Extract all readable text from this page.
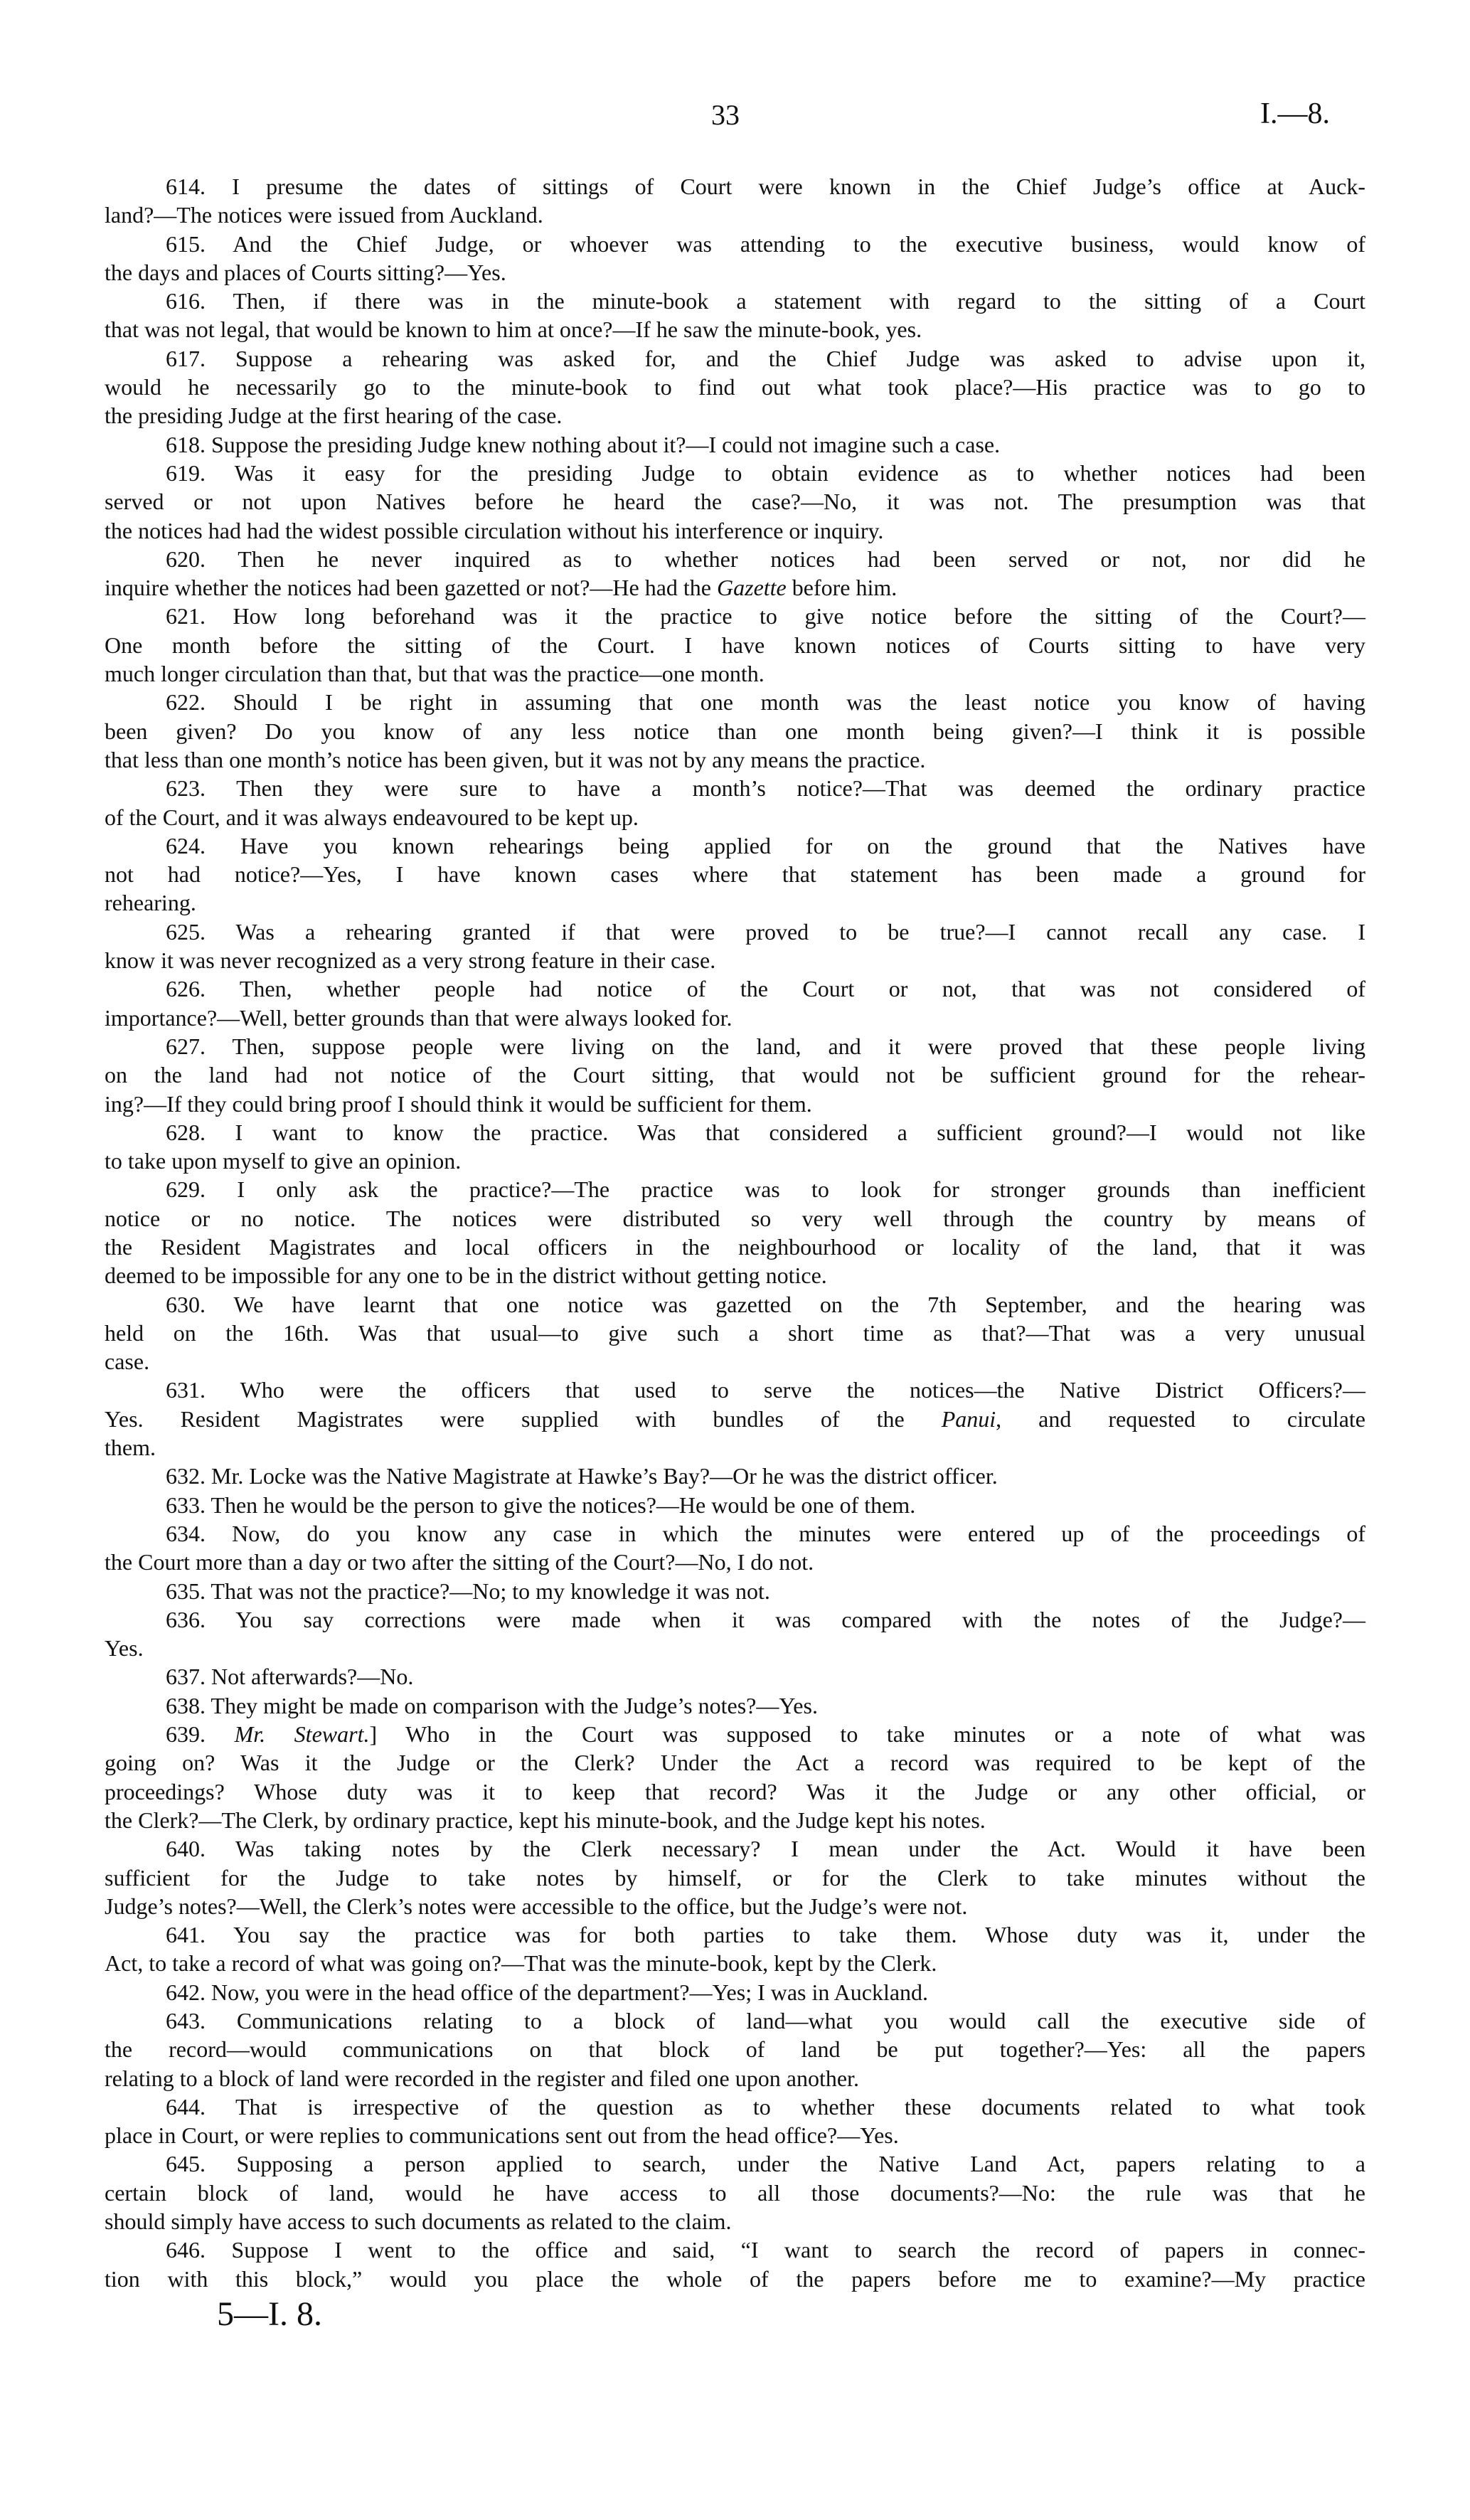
33	I.—8.
614. I presume the dates of sittings of Court were known in the Chief Judge’s office at Auck-
land?—The notices were issued from Auckland.
615. And the Chief Judge, or whoever was attending to the executive business, would know of
the days and places of Courts sitting?—Yes.
616. Then, if there was in the minute-book a statement with regard to the sitting of a Court
that was not legal, that would be known to him at once?—If he saw the minute-book, yes.
617. Suppose a rehearing was asked for, and the Chief Judge was asked to advise upon it,
would he necessarily go to the minute-book to find out what took place?—His practice was to go to
the presiding Judge at the first hearing of the case.
618. Suppose the presiding Judge knew nothing about it?—I could not imagine such a case.
619. Was it easy for the presiding Judge to obtain evidence as to whether notices had been
served or not upon Natives before he heard the case?—No, it was not. The presumption was that
the notices had had the widest possible circulation without his interference or inquiry.
620. Then he never inquired as to whether notices had been served or not, nor did he
inquire whether the notices had been gazetted or not?—He had the Gazette before him.
621. How long beforehand was it the practice to give notice before the sitting of the Court?—
One month before the sitting of the Court. I have known notices of Courts sitting to have very
much longer circulation than that, but that was the practice—one month.
622. Should I be right in assuming that one month was the least notice you know of having
been given? Do you know of any less notice than one month being given?—I think it is possible
that less than one month’s notice has been given, but it was not by any means the practice.
623. Then they were sure to have a month’s notice?—That was deemed the ordinary practice
of the Court, and it was always endeavoured to be kept up.
624. Have you known rehearings being applied for on the ground that the Natives have
not had notice?—Yes, I have known cases where that statement has been made a ground for
rehearing.
625. Was a rehearing granted if that were proved to be true?—I cannot recall any case. I
know it was never recognized as a very strong feature in their case.
626. Then, whether people had notice of the Court or not, that was not considered of
importance?—Well, better grounds than that were always looked for.
627. Then, suppose people were living on the land, and it were proved that these people living
on the land had not notice of the Court sitting, that would not be sufficient ground for the rehear-
ing?—If they could bring proof I should think it would be sufficient for them.
628. I want to know the practice. Was that considered a sufficient ground?—I would not like
to take upon myself to give an opinion.
629. I only ask the practice?—The practice was to look for stronger grounds than inefficient
notice or no notice. The notices were distributed so very well through the country by means of
the Resident Magistrates and local officers in the neighbourhood or locality of the land, that it was
deemed to be impossible for any one to be in the district without getting notice.
630. We have learnt that one notice was gazetted on the 7th September, and the hearing was
held on the 16th. Was that usual—to give such a short time as that?—That was a very unusual
case.
631. Who were the officers that used to serve the notices—the Native District Officers?—
Yes. Resident Magistrates were supplied with bundles of the Panui, and requested to circulate
them.
632. Mr. Locke was the Native Magistrate at Hawke’s Bay?—Or he was the district officer.
633. Then he would be the person to give the notices?—He would be one of them.
634. Now, do you know any case in which the minutes were entered up of the proceedings of
the Court more than a day or two after the sitting of the Court?—No, I do not.
635. That was not the practice?—No; to my knowledge it was not.
636. You say corrections were made when it was compared with the notes of the Judge?—
Yes.
637. Not afterwards?—No.
638. They might be made on comparison with the Judge’s notes?—Yes.
639. Mr. Stewart.] Who in the Court was supposed to take minutes or a note of what was
going on? Was it the Judge or the Clerk? Under the Act a record was required to be kept of the
proceedings? Whose duty was it to keep that record? Was it the Judge or any other official, or
the Clerk?—The Clerk, by ordinary practice, kept his minute-book, and the Judge kept his notes.
640. Was taking notes by the Clerk necessary? I mean under the Act. Would it have been
sufficient for the Judge to take notes by himself, or for the Clerk to take minutes without the
Judge’s notes?—Well, the Clerk’s notes were accessible to the office, but the Judge’s were not.
641. You say the practice was for both parties to take them. Whose duty was it, under the
Act, to take a record of what was going on?—That was the minute-book, kept by the Clerk.
642. Now, you were in the head office of the department?—Yes; I was in Auckland.
643. Communications relating to a block of land—what you would call the executive side of
the record—would communications on that block of land be put together?—Yes: all the papers
relating to a block of land were recorded in the register and filed one upon another.
644. That is irrespective of the question as to whether these documents related to what took
place in Court, or were replies to communications sent out from the head office?—Yes.
645. Supposing a person applied to search, under the Native Land Act, papers relating to a
certain block of land, would he have access to all those documents?—No: the rule was that he
should simply have access to such documents as related to the claim.
646. Suppose I went to the office and said, “I want to search the record of papers in connec-
tion with this block,” would you place the whole of the papers before me to examine?—My practice
5—I. 8.
